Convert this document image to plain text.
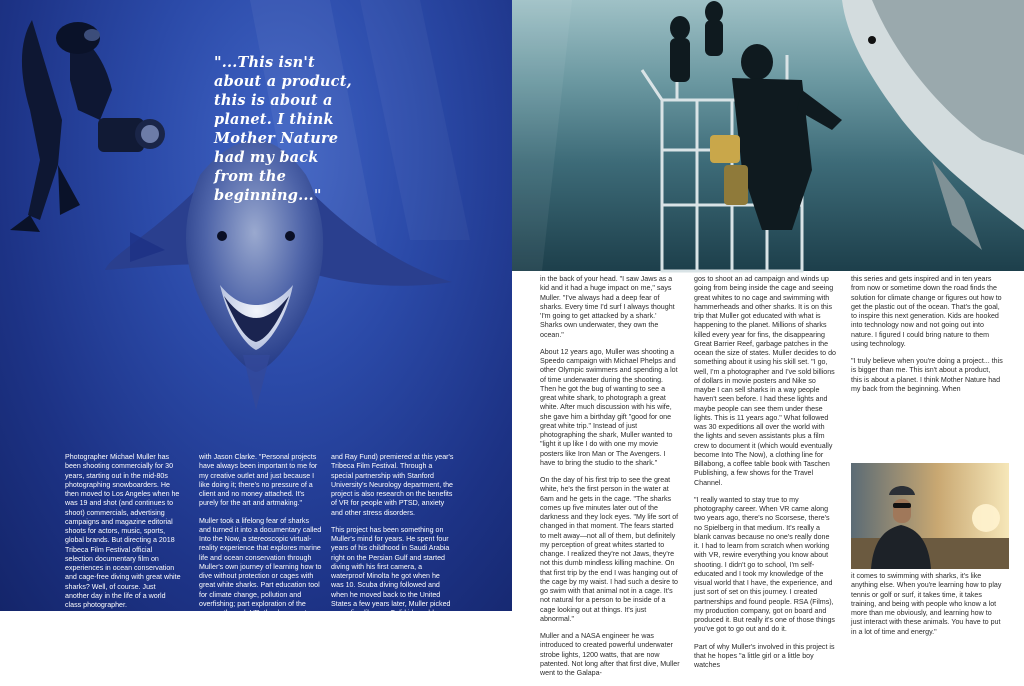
"...This isn't about a product, this is about a planet. I think Mother Nature had my back from the beginning..."

Photographer Michael Muller has been shooting commercially for 30 years, starting out in the mid-80s photographing snowboarders. He then moved to Los Angeles when he was 19 and shot (and continues to shoot) commercials, advertising campaigns and magazine editorial shoots for actors, music, sports, global brands. But directing a 2018 Tribeca Film Festival official selection documentary film on experiences in ocean conservation and cage-free diving with great white sharks? Well, of course. Just another day in the life of a world class photographer.

"I've always made it a point to do personal projects over the course of my career," says Muller, who also happened to shoot this issue's cover story

with Jason Clarke. "Personal projects have always been important to me for my creative outlet and just because I like doing it; there's no pressure of a client and no money attached. It's purely for the art and artmaking."

Muller took a lifelong fear of sharks and turned it into a documentary called Into the Now, a stereoscopic virtual-reality experience that explores marine life and ocean conservation through Muller's own journey of learning how to dive without protection or cages with great white sharks. Part education tool for climate change, pollution and overfishing; part exploration of the oceans through VR, the documentary (partnered with the Leonardo DiCaprio Foundation's Shark

and Ray Fund) premiered at this year's Tribeca Film Festival. Through a special partnership with Stanford University's Neurology department, the project is also research on the benefits of VR for people with PTSD, anxiety and other stress disorders.

This project has been something on Muller's mind for years. He spent four years of his childhood in Saudi Arabia right on the Persian Gulf and started diving with his first camera, a waterproof Minolta he got when he was 10. Scuba diving followed and when he moved back to the United States a few years later, Muller picked up surfing like any Cali kid would. Northern California is known for a high concentration of great whites so it's always

in the back of your head. "I saw Jaws as a kid and it had a huge impact on me," says Muller. "I've always had a deep fear of sharks. Every time I'd surf I always thought 'I'm going to get attacked by a shark.' Sharks own underwater, they own the ocean."

About 12 years ago, Muller was shooting a Speedo campaign with Michael Phelps and other Olympic swimmers and spending a lot of time underwater during the shooting. Then he got the bug of wanting to see a great white shark, to photograph a great white. After much discussion with his wife, she gave him a birthday gift "good for one great white trip." Instead of just photographing the shark, Muller wanted to "light it up like I do with one my movie posters like Iron Man or The Avengers. I have to bring the studio to the shark."

On the day of his first trip to see the great white, he's the first person in the water at 6am and he gets in the cage. "The sharks comes up five minutes later out of the darkness and they lock eyes. "My life sort of changed in that moment. The fears started to melt away—not all of them, but definitely my perception of great whites started to change. I realized they're not Jaws, they're not this dumb mindless killing machine. On that first trip by the end I was hanging out of the cage by my waist. I had such a desire to go swim with that animal not in a cage. It's not natural for a person to be inside of a cage looking out at things. It's just abnormal."

Muller and a NASA engineer he was introduced to created powerful underwater strobe lights, 1200 watts, that are now patented. Not long after that first dive, Muller went to the Galapa-

gos to shoot an ad campaign and winds up going from being inside the cage and seeing great whites to no cage and swimming with hammerheads and other sharks. It is on this trip that Muller got educated with what is happening to the planet. Millions of sharks killed every year for fins, the disappearing Great Barrier Reef, garbage patches in the ocean the size of states. Muller decides to do something about it using his skill set. "I go, well, I'm a photographer and I've sold billions of dollars in movie posters and Nike so maybe I can sell sharks in a way people haven't seen before. I had these lights and maybe people can see them under these lights. This is 11 years ago." What followed was 30 expeditions all over the world with the lights and seven assistants plus a film crew to document it (which would eventually become Into The Now), a clothing line for Billabong, a coffee table book with Taschen Publishing, a few shows for the Travel Channel.

"I really wanted to stay true to my photography career. When VR came along two years ago, there's no Scorsese, there's no Spielberg in that medium. It's really a blank canvas because no one's really done it. I had to learn from scratch when working with VR, rewire everything you know about shooting. I didn't go to school, I'm self-educated and I took my knowledge of the visual world that I have, the experience, and just sort of set on this journey. I created partnerships and found people. RSA (Films), my production company, got on board and produced it. But really it's one of those things you've got to go out and do it.

Part of why Muller's involved in this project is that he hopes "a little girl or a little boy watches

this series and gets inspired and in ten years from now or sometime down the road finds the solution for climate change or figures out how to get the plastic out of the ocean. That's the goal, to inspire this next generation. Kids are hooked into technology now and not going out into nature. I figured I could bring nature to them using technology.

"I truly believe when you're doing a project... this is bigger than me. This isn't about a product, this is about a planet. I think Mother Nature had my back from the beginning. When

it comes to swimming with sharks, it's like anything else. When you're learning how to play tennis or golf or surf, it takes time, it takes training, and being with people who know a lot more than me obviously, and learning how to just interact with these animals. You have to put in a lot of time and energy."
